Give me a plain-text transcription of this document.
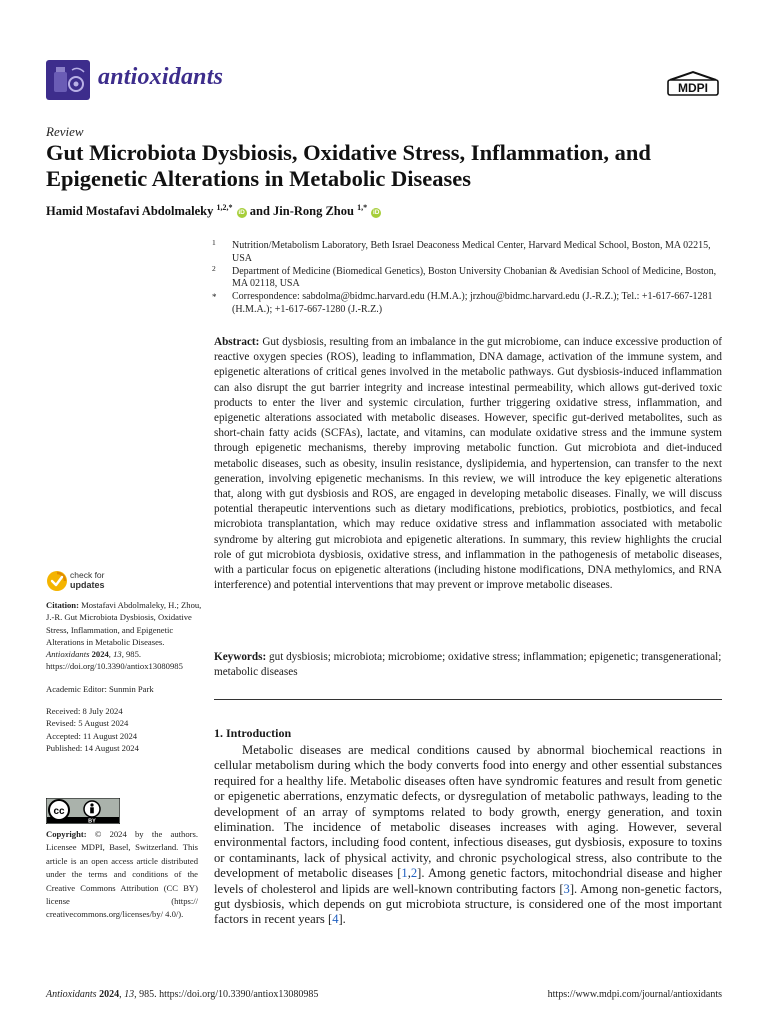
antioxidants	MDPI
Review
Gut Microbiota Dysbiosis, Oxidative Stress, Inflammation, and Epigenetic Alterations in Metabolic Diseases
Hamid Mostafavi Abdolmaleky $^{1,2,*}$ iD and Jin-Rong Zhou $^{1,*}$ iD
1 Nutrition/Metabolism Laboratory, Beth Israel Deaconess Medical Center, Harvard Medical School, Boston, MA 02215, USA
2 Department of Medicine (Biomedical Genetics), Boston University Chobanian & Avedisian School of Medicine, Boston, MA 02118, USA
* Correspondence: sabdolma@bidmc.harvard.edu (H.M.A.); jrzhou@bidmc.harvard.edu (J.-R.Z.); Tel.: +1-617-667-1281 (H.M.A.); +1-617-667-1280 (J.-R.Z.)
Abstract: Gut dysbiosis, resulting from an imbalance in the gut microbiome, can induce excessive production of reactive oxygen species (ROS), leading to inflammation, DNA damage, activation of the immune system, and epigenetic alterations of critical genes involved in the metabolic pathways. Gut dysbiosis-induced inflammation can also disrupt the gut barrier integrity and increase intestinal permeability, which allows gut-derived toxic products to enter the liver and systemic circulation, further triggering oxidative stress, inflammation, and epigenetic alterations associated with metabolic diseases. However, specific gut-derived metabolites, such as short-chain fatty acids (SCFAs), lactate, and vitamins, can modulate oxidative stress and the immune system through epigenetic mechanisms, thereby improving metabolic function. Gut microbiota and diet-induced metabolic diseases, such as obesity, insulin resistance, dyslipidemia, and hypertension, can transfer to the next generation, involving epigenetic mechanisms. In this review, we will introduce the key epigenetic alterations that, along with gut dysbiosis and ROS, are engaged in developing metabolic diseases. Finally, we will discuss potential therapeutic interventions such as dietary modifications, prebiotics, probiotics, postbiotics, and fecal microbiota transplantation, which may reduce oxidative stress and inflammation associated with metabolic syndrome by altering gut microbiota and epigenetic alterations. In summary, this review highlights the crucial role of gut microbiota dysbiosis, oxidative stress, and inflammation in the pathogenesis of metabolic diseases, with a particular focus on epigenetic alterations (including histone modifications, DNA methylomics, and RNA interference) and potential interventions that may prevent or improve metabolic diseases.
Keywords: gut dysbiosis; microbiota; microbiome; oxidative stress; inflammation; epigenetic; transgenerational; metabolic diseases
1. Introduction

Metabolic diseases are medical conditions caused by abnormal biochemical reactions in cellular metabolism during which the body converts food into energy and other essential substances required for a healthy life. Metabolic diseases often have syndromic features and result from genetic or epigenetic aberrations, enzymatic defects, or dysregulation of metabolic pathways, leading to the development of an array of symptoms related to body growth, energy generation, and toxin elimination. The incidence of metabolic diseases increases with aging. However, several environmental factors, including food content, infectious diseases, gut dysbiosis, exposure to toxins or contaminants, lack of physical activity, and chronic psychological stress, also contribute to the development of metabolic diseases [1,2]. Among genetic factors, mitochondrial disease and higher levels of cholesterol and lipids are well-known contributing factors [3]. Among non-genetic factors, gut dysbiosis, which depends on gut microbiota structure, is considered one of the most important factors in recent years [4].

check for
updates
Citation: Mostafavi Abdolmaleky, H.; Zhou, J.-R. Gut Microbiota Dysbiosis, Oxidative Stress, Inflammation, and Epigenetic Alterations in Metabolic Diseases. Antioxidants 2024, 13, 985. https://doi.org/10.3390/antiox13080985
Academic Editor: Sunmin Park
Received: 8 July 2024
Revised: 5 August 2024
Accepted: 11 August 2024
Published: 14 August 2024
cc
BY
Copyright: © 2024 by the authors. Licensee MDPI, Basel, Switzerland. This article is an open access article distributed under the terms and conditions of the Creative Commons Attribution (CC BY) license (https:// creativecommons.org/licenses/by/ 4.0/).
Antioxidants 2024, 13, 985. https://doi.org/10.3390/antiox13080985	https://www.mdpi.com/journal/antioxidants
